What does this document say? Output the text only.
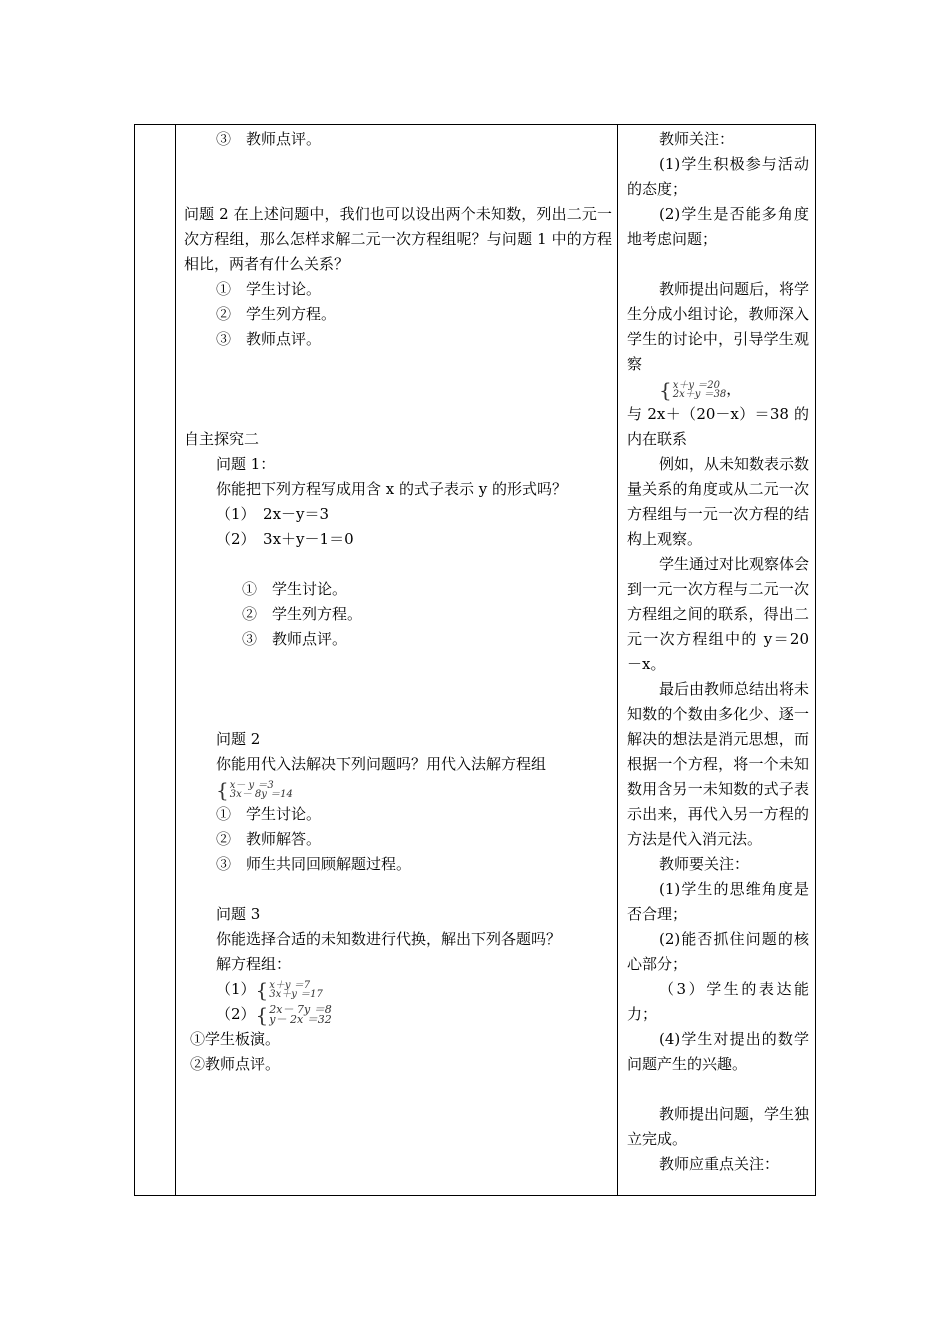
③　教师点评。
问题 2 在上述问题中，我们也可以设出两个未知数，列出二元一次方程组，那么怎样求解二元一次方程组呢？与问题 1 中的方程相比，两者有什么关系？
①　学生讨论。
②　学生列方程。
③　教师点评。
自主探究二
问题 1：
你能把下列方程写成用含 x 的式子表示 y 的形式吗？
（1）　2x－y＝3
（2）　3x＋y－1＝0
①　学生讨论。
②　学生列方程。
③　教师点评。
问题 2
你能用代入法解决下列问题吗？用代入法解方程组
{ x－ y ＝3
3x－ 8y ＝14
①　学生讨论。
②　教师解答。
③　师生共同回顾解题过程。
问题 3
你能选择合适的未知数进行代换，解出下列各题吗？
解方程组：
（1） { x＋y ＝7
3x＋y ＝17
（2） { 2x－ 7y ＝8
y－ 2x ＝32
①学生板演。
②教师点评。
教师关注：
(1)学生积极参与活动的态度；
(2)学生是否能多角度地考虑问题；
教师提出问题后，将学生分成小组讨论，教师深入学生的讨论中，引导学生观察
{ x＋y ＝20
2x＋y ＝38 ，
与 2x＋（20－x）＝38 的内在联系
例如，从未知数表示数量关系的角度或从二元一次方程组与一元一次方程的结构上观察。
学生通过对比观察体会到一元一次方程与二元一次方程组之间的联系，得出二元一次方程组中的 y＝20－x。
最后由教师总结出将未知数的个数由多化少、逐一解决的想法是消元思想，而根据一个方程，将一个未知数用含另一未知数的式子表示出来，再代入另一方程的方法是代入消元法。
教师要关注：
(1)学生的思维角度是否合理；
(2)能否抓住问题的核心部分；
（3）学生的表达能力；
(4)学生对提出的数学问题产生的兴趣。
教师提出问题，学生独立完成。
教师应重点关注：
